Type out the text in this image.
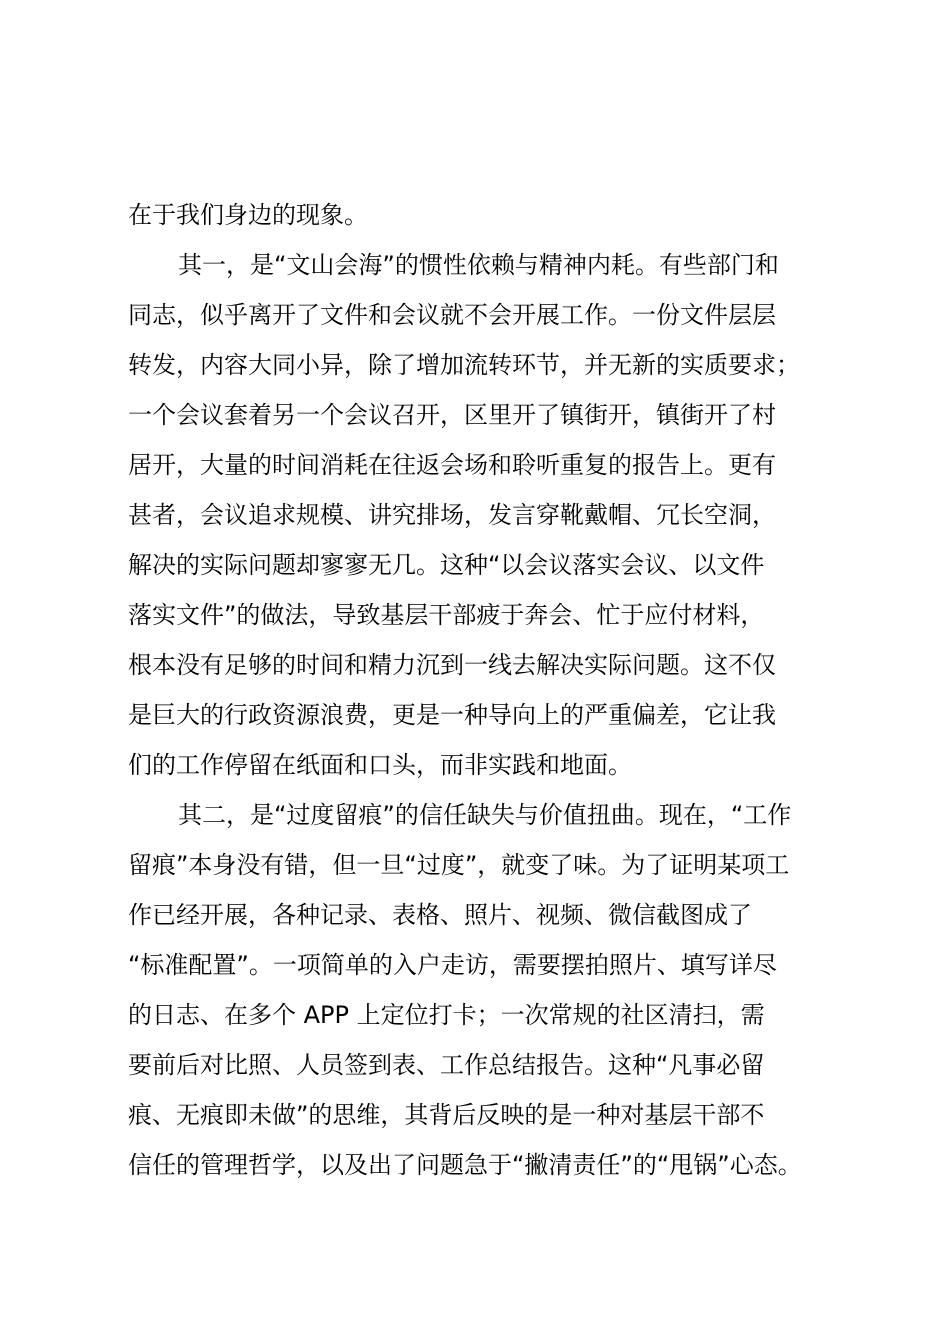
在于我们身边的现象。
其一，是“文山会海”的惯性依赖与精神内耗。有些部门和
同志，似乎离开了文件和会议就不会开展工作。一份文件层层
转发，内容大同小异，除了增加流转环节，并无新的实质要求；
一个会议套着另一个会议召开，区里开了镇街开，镇街开了村
居开，大量的时间消耗在往返会场和聆听重复的报告上。更有
甚者，会议追求规模、讲究排场，发言穿靴戴帽、冗长空洞，
解决的实际问题却寥寥无几。这种“以会议落实会议、以文件
落实文件”的做法，导致基层干部疲于奔会、忙于应付材料，
根本没有足够的时间和精力沉到一线去解决实际问题。这不仅
是巨大的行政资源浪费，更是一种导向上的严重偏差，它让我
们的工作停留在纸面和口头，而非实践和地面。
其二，是“过度留痕”的信任缺失与价值扭曲。现在，“工作
留痕”本身没有错，但一旦“过度”，就变了味。为了证明某项工
作已经开展，各种记录、表格、照片、视频、微信截图成了
“标准配置”。一项简单的入户走访，需要摆拍照片、填写详尽
的日志、在多个 APP 上定位打卡；一次常规的社区清扫，需
要前后对比照、人员签到表、工作总结报告。这种“凡事必留
痕、无痕即未做”的思维，其背后反映的是一种对基层干部不
信任的管理哲学，以及出了问题急于“撇清责任”的“甩锅”心态。
